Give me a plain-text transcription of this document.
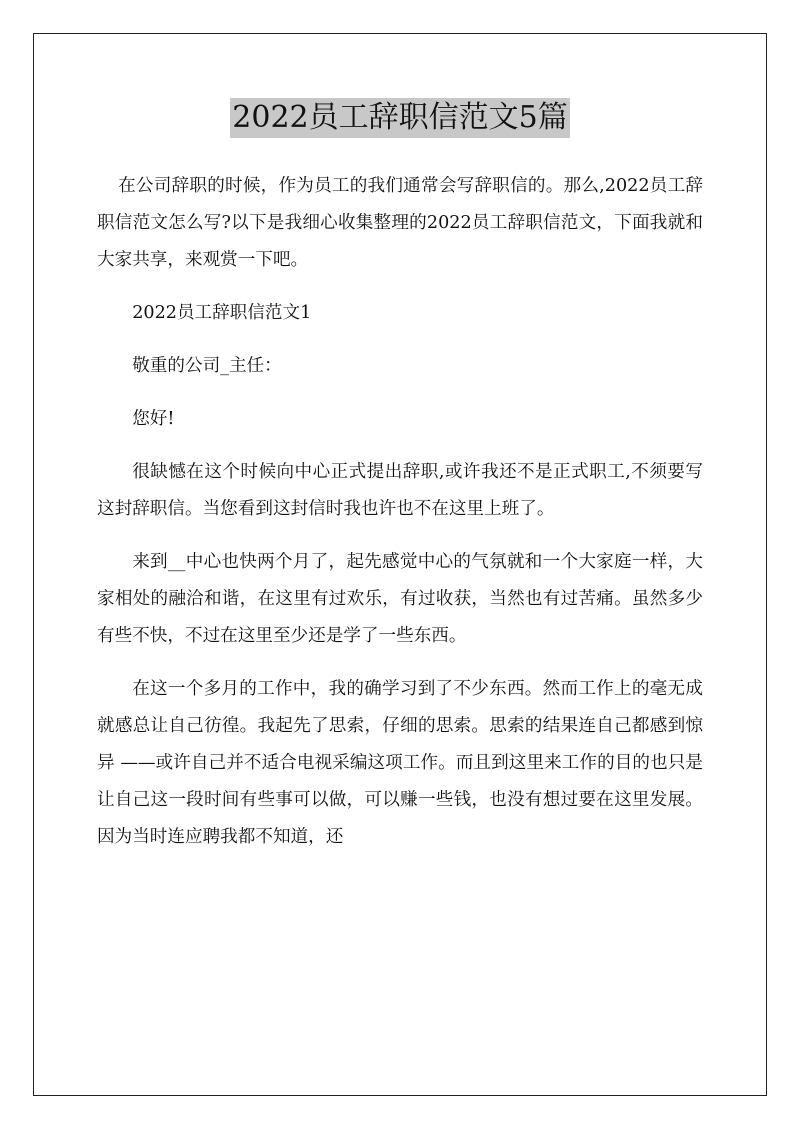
2022员工辞职信范文5篇

在公司辞职的时候，作为员工的我们通常会写辞职信的。那么,2022员工辞职信范文怎么写?以下是我细心收集整理的2022员工辞职信范文，下面我就和大家共享，来观赏一下吧。

2022员工辞职信范文1

敬重的公司_主任：

您好!

很缺憾在这个时候向中心正式提出辞职,或许我还不是正式职工,不须要写这封辞职信。当您看到这封信时我也许也不在这里上班了。

来到__中心也快两个月了，起先感觉中心的气氛就和一个大家庭一样，大家相处的融洽和谐，在这里有过欢乐，有过收获，当然也有过苦痛。虽然多少有些不快，不过在这里至少还是学了一些东西。

在这一个多月的工作中，我的确学习到了不少东西。然而工作上的毫无成就感总让自己彷徨。我起先了思索，仔细的思索。思索的结果连自己都感到惊异 ——或许自己并不适合电视采编这项工作。而且到这里来工作的目的也只是让自己这一段时间有些事可以做，可以赚一些钱，也没有想过要在这里发展。因为当时连应聘我都不知道，还
